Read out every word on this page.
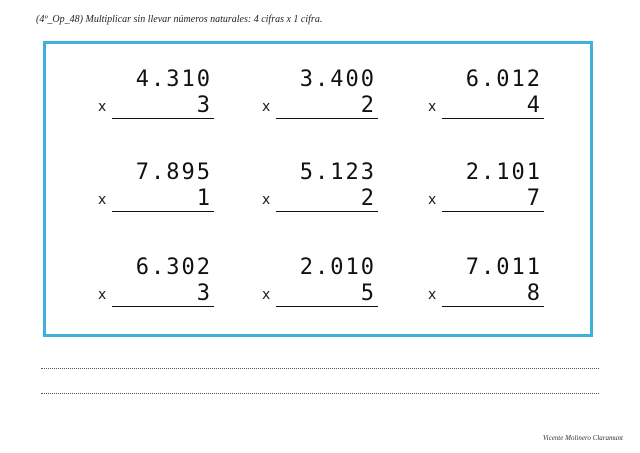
(4º_Op_48) Multiplicar sin llevar números naturales: 4 cifras x 1 cifra.
4.310
x	3
3.400
x	2
6.012
x	4
7.895
x	1
5.123
x	2
2.101
x	7
6.302
x	3
2.010
x	5
7.011
x	8
Vicente Molinero Claramunt
